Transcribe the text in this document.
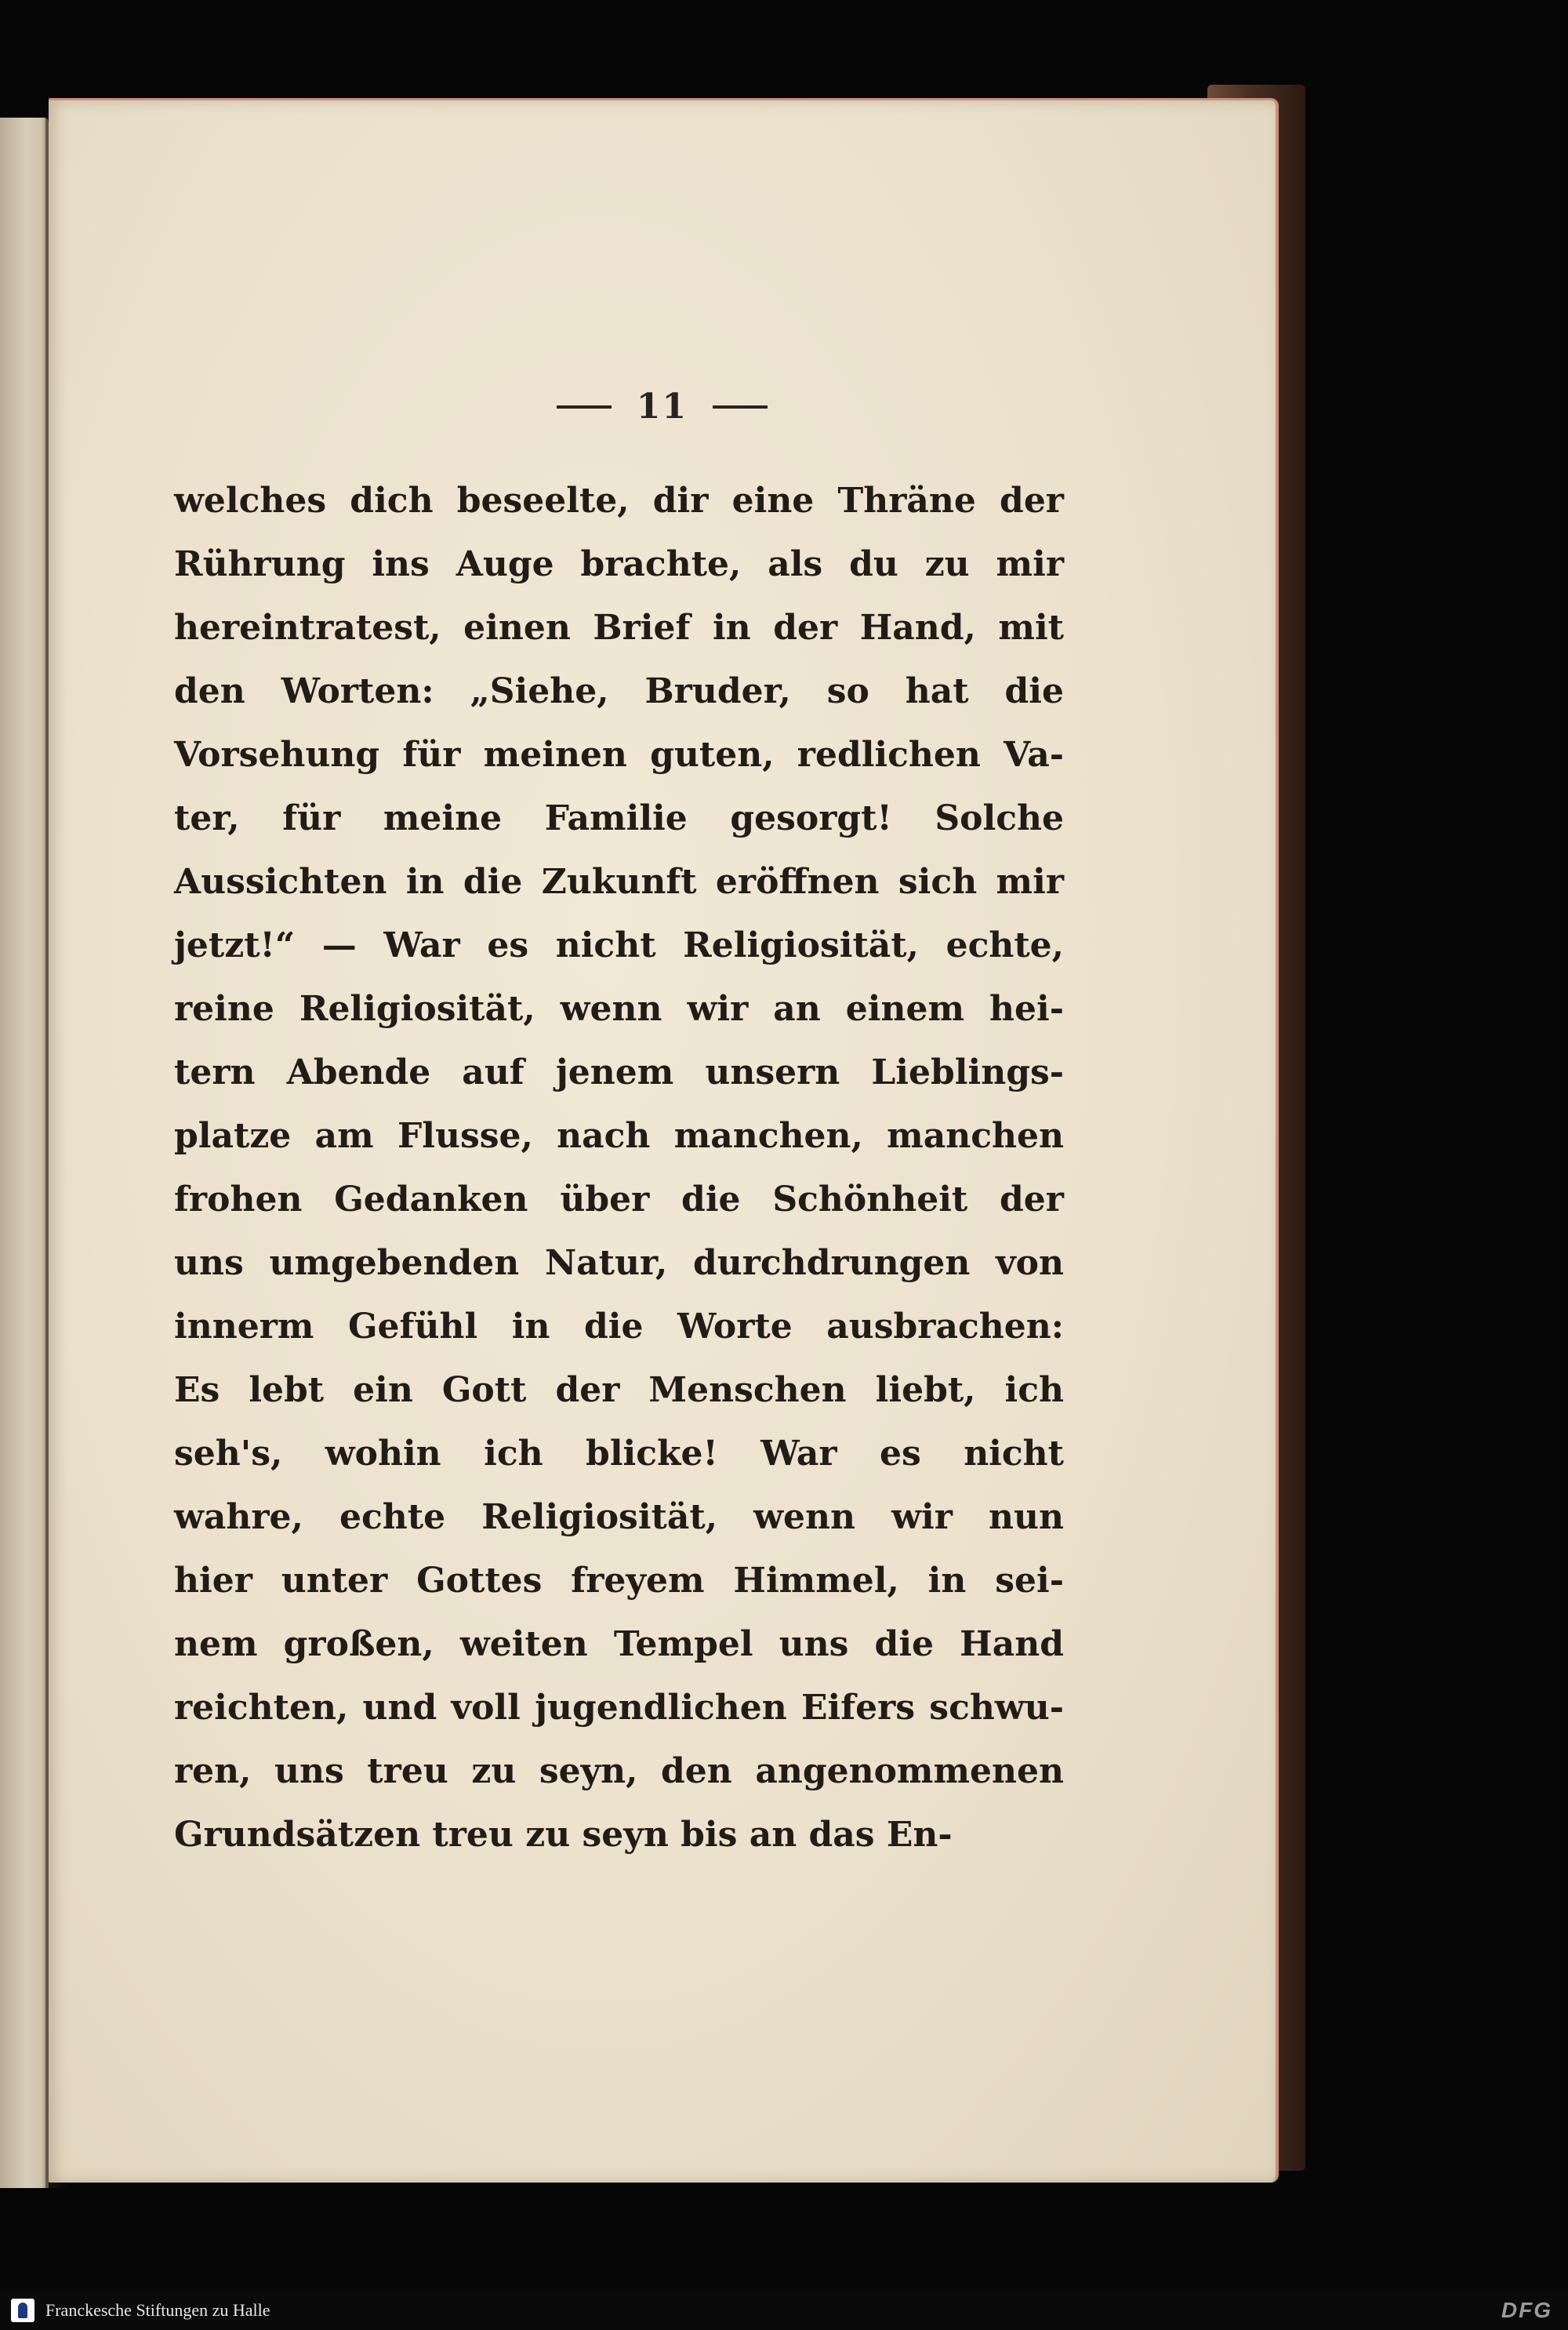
11
welches dich beseelte, dir eine Thräne der
Rührung ins Auge brachte, als du zu mir
hereintratest, einen Brief in der Hand, mit
den Worten: „Siehe, Bruder, so hat die
Vorsehung für meinen guten, redlichen Va-
ter, für meine Familie gesorgt! Solche
Aussichten in die Zukunft eröffnen sich mir
jetzt!“ — War es nicht Religiosität, echte,
reine Religiosität, wenn wir an einem hei-
tern Abende auf jenem unsern Lieblings-
platze am Flusse, nach manchen, manchen
frohen Gedanken über die Schönheit der
uns umgebenden Natur, durchdrungen von
innerm Gefühl in die Worte ausbrachen:
Es lebt ein Gott der Menschen liebt, ich
seh's, wohin ich blicke! War es nicht
wahre, echte Religiosität, wenn wir nun
hier unter Gottes freyem Himmel, in sei-
nem großen, weiten Tempel uns die Hand
reichten, und voll jugendlichen Eifers schwu-
ren, uns treu zu seyn, den angenommenen
Grundsätzen treu zu seyn bis an das En-
Franckesche Stiftungen zu Halle	DFG
